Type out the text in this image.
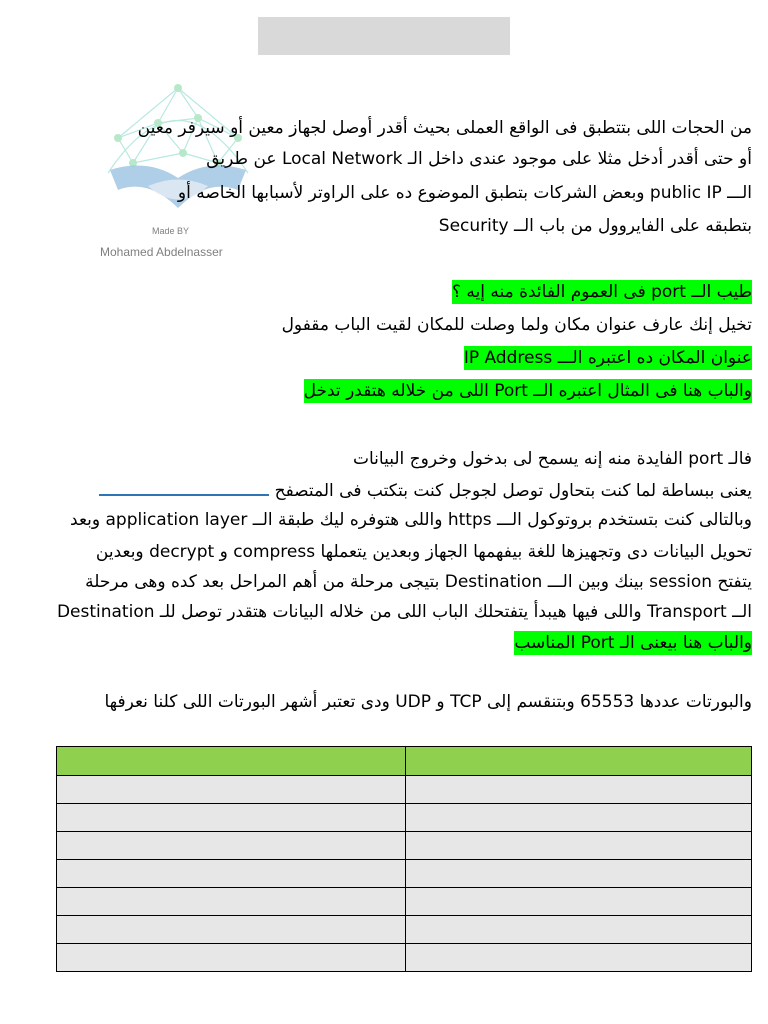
Made BY
Mohamed Abdelnasser
من الحجات اللى بتتطبق فى الواقع العملى بحيث أقدر أوصل لجهاز معين أو سيرفر معين
أو حتى أقدر أدخل مثلا على موجود عندى داخل الـ Local Network عن طريق
الـــ public IP وبعض الشركات بتطبق الموضوع ده على الراوتر لأسبابها الخاصه أو
بتطبقه على الفايروول من باب الــ Security
طيب الــ port فى العموم الفائدة منه إيه ؟
تخيل إنك عارف عنوان مكان ولما وصلت للمكان لقيت الباب مقفول
عنوان المكان ده اعتبره الـــ IP Address
والباب هنا فى المثال اعتبره الــ Port اللى من خلاله هتقدر تدخل
فالـ port الفايدة منه إنه يسمح لى بدخول وخروج البيانات
يعنى ببساطة لما كنت بتحاول توصل لجوجل كنت بتكتب فى المتصفح
وبالتالى كنت بتستخدم بروتوكول الـــ https واللى هتوفره ليك طبقة الــ application layer وبعد
تحويل البيانات دى وتجهيزها للغة بيفهمها الجهاز وبعدين يتعملها compress و decrypt وبعدين
يتفتح session بينك وبين الـــ Destination بتيجى مرحلة من أهم المراحل بعد كده وهى مرحلة
الــ Transport واللى فيها هيبدأ يتفتحلك الباب اللى من خلاله البيانات هتقدر توصل للـ Destination
والباب هنا بيعنى الـ Port المناسب
والبورتات عددها 65553 وبتنقسم إلى TCP و UDP ودى تعتبر أشهر البورتات اللى كلنا نعرفها
